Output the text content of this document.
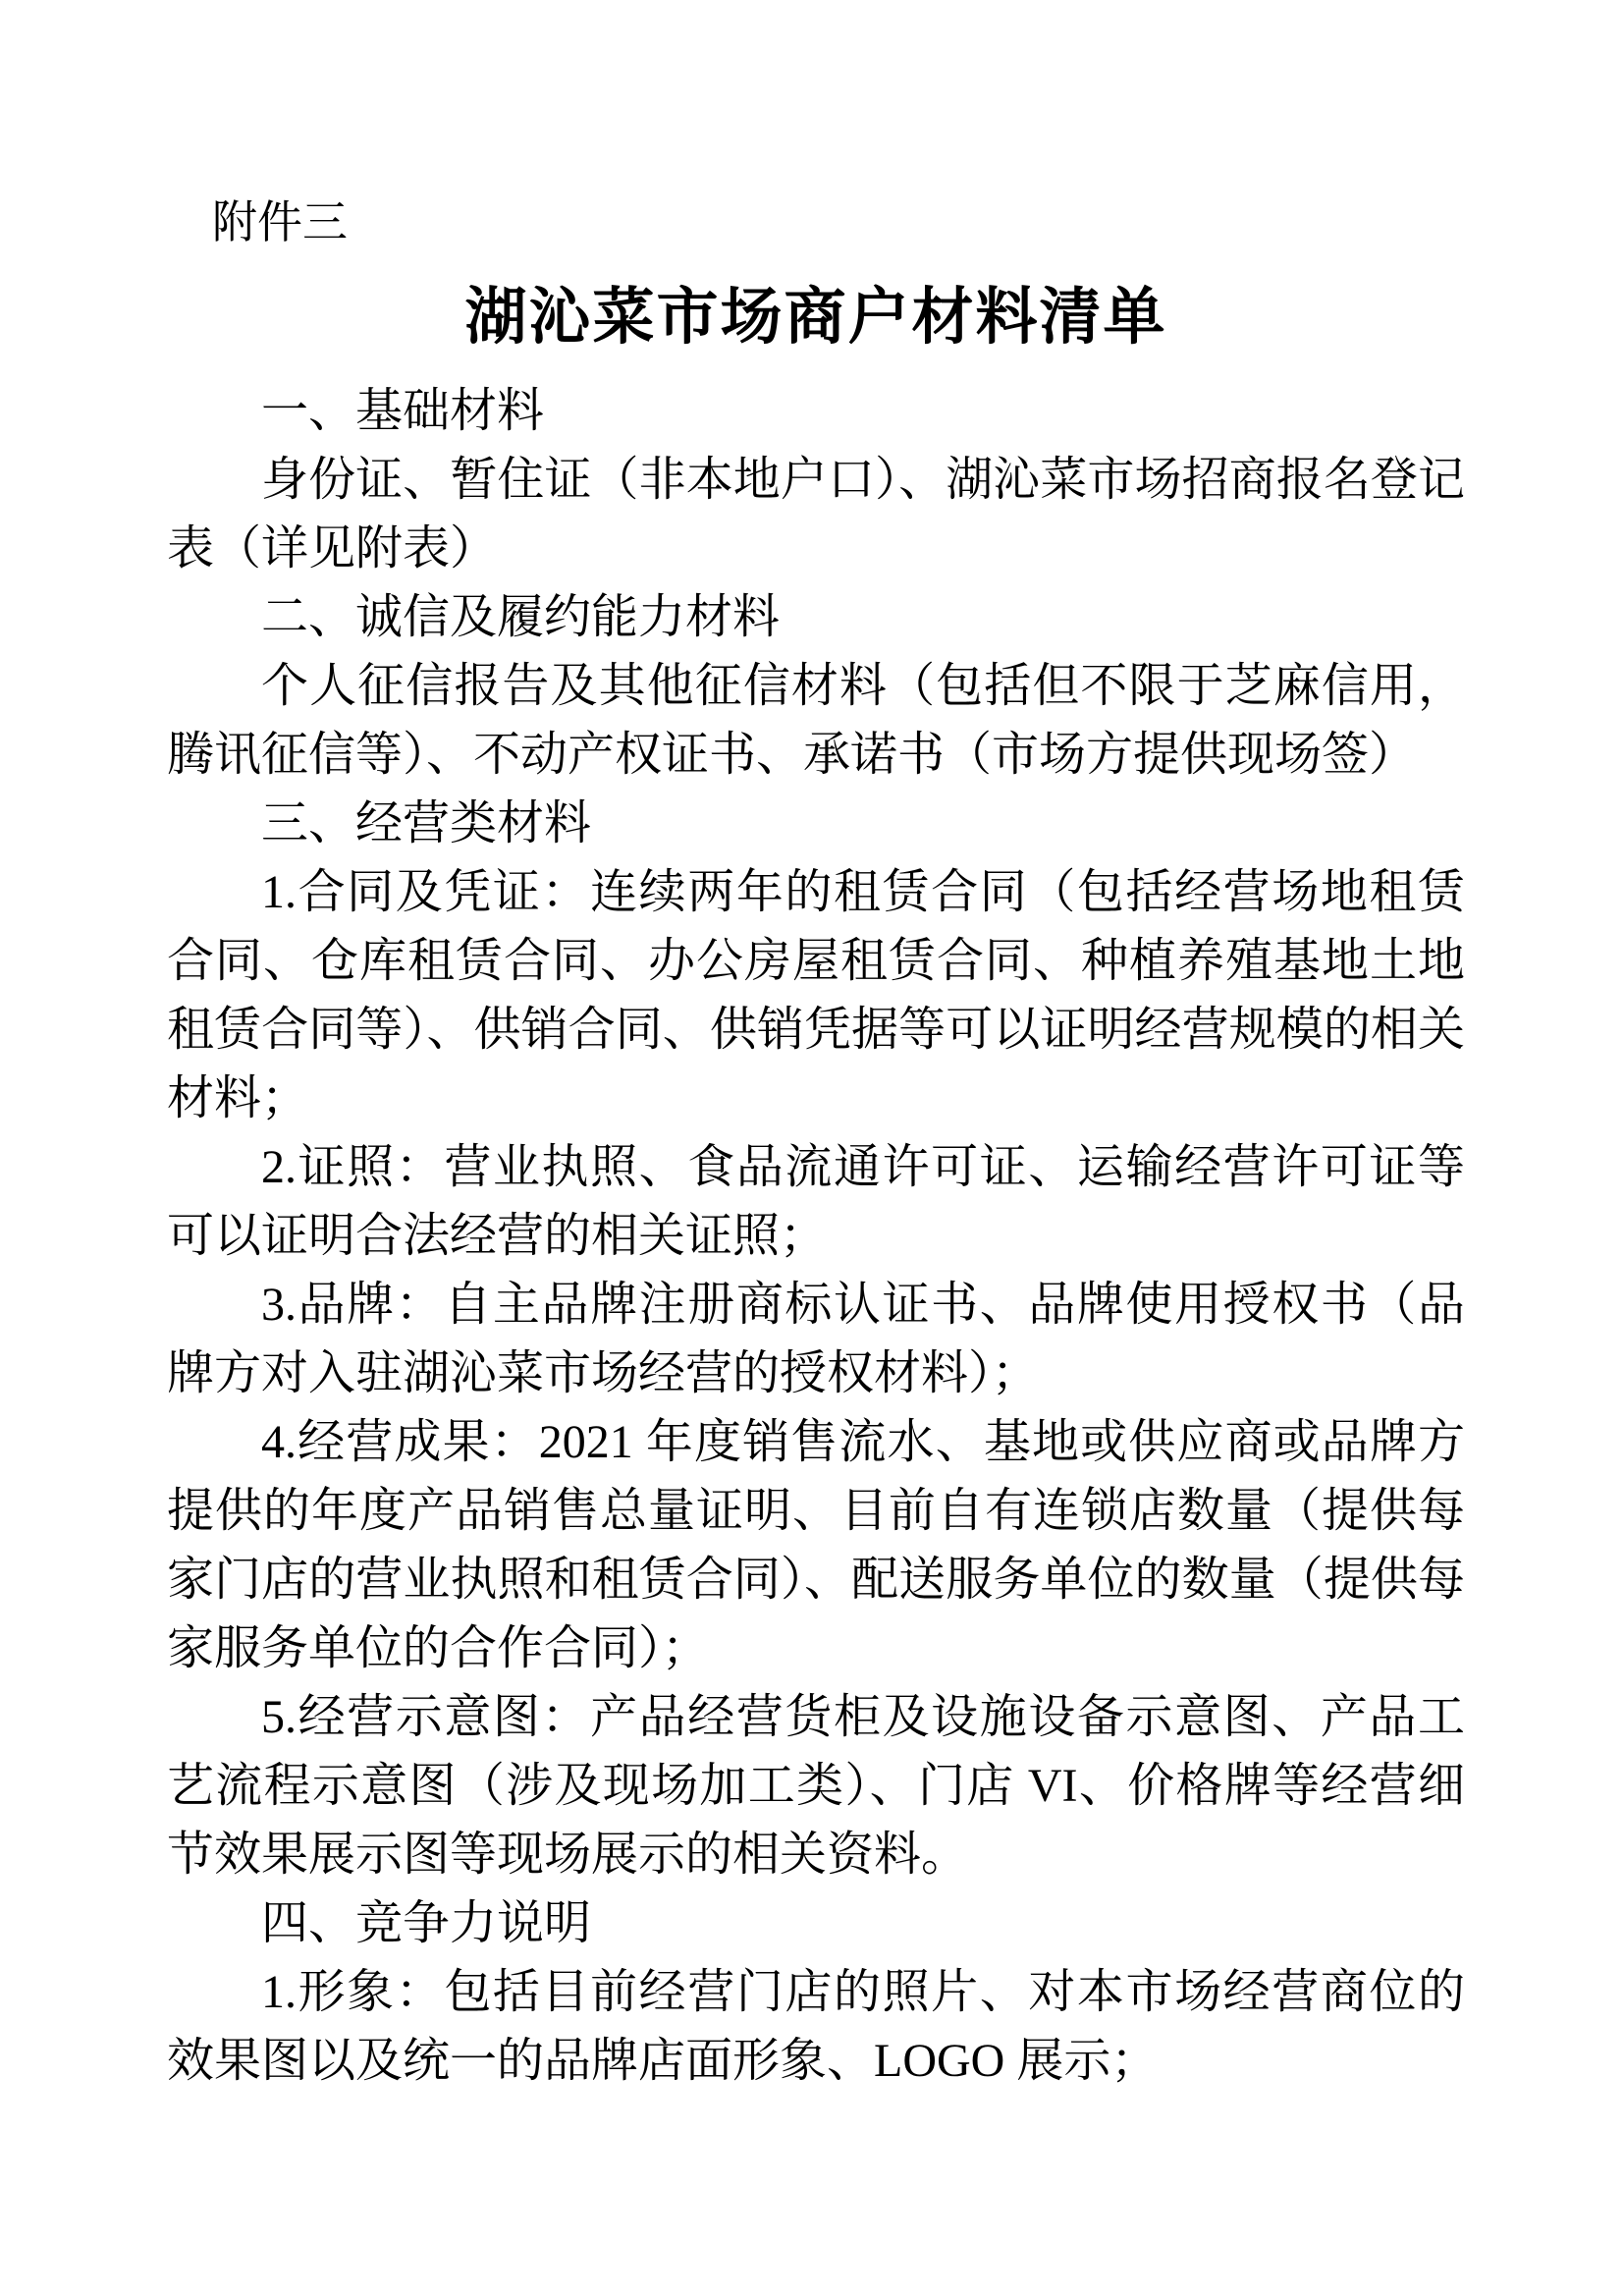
附件三

湖沁菜市场商户材料清单

一、基础材料

身份证、暂住证（非本地户口）、湖沁菜市场招商报名登记表（详见附表）

二、诚信及履约能力材料

个人征信报告及其他征信材料（包括但不限于芝麻信用，腾讯征信等）、不动产权证书、承诺书（市场方提供现场签）

三、经营类材料

1.合同及凭证：连续两年的租赁合同（包括经营场地租赁合同、仓库租赁合同、办公房屋租赁合同、种植养殖基地土地租赁合同等）、供销合同、供销凭据等可以证明经营规模的相关材料；

2.证照：营业执照、食品流通许可证、运输经营许可证等可以证明合法经营的相关证照；

3.品牌：自主品牌注册商标认证书、品牌使用授权书（品牌方对入驻湖沁菜市场经营的授权材料）；

4.经营成果：2021 年度销售流水、基地或供应商或品牌方提供的年度产品销售总量证明、目前自有连锁店数量（提供每家门店的营业执照和租赁合同）、配送服务单位的数量（提供每家服务单位的合作合同）；

5.经营示意图：产品经营货柜及设施设备示意图、产品工艺流程示意图（涉及现场加工类）、门店 VI、价格牌等经营细节效果展示图等现场展示的相关资料。

四、竞争力说明

1.形象：包括目前经营门店的照片、对本市场经营商位的效果图以及统一的品牌店面形象、LOGO 展示；
